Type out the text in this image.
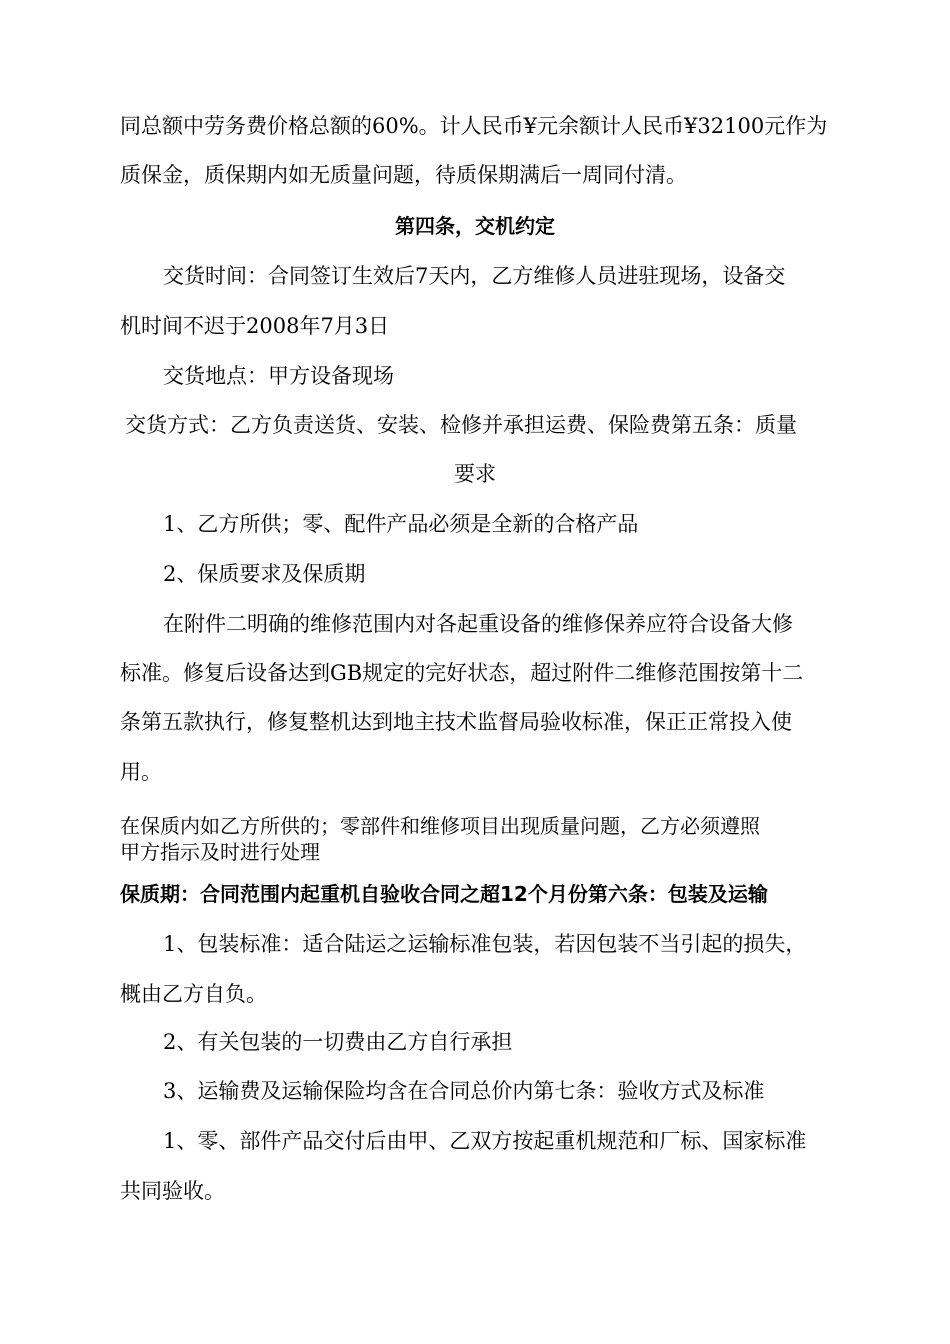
同总额中劳务费价格总额的60%。计人民币¥元余额计人民币¥32100元作为

质保金，质保期内如无质量问题，待质保期满后一周同付清。

第四条，交机约定

交货时间：合同签订生效后7天内，乙方维修人员进驻现场，设备交

机时间不迟于2008年7月3日

交货地点：甲方设备现场

交货方式：乙方负责送货、安装、检修并承担运费、保险费第五条：质量

要求

1、乙方所供；零、配件产品必须是全新的合格产品

2、保质要求及保质期

在附件二明确的维修范围内对各起重设备的维修保养应符合设备大修

标准。修复后设备达到GB规定的完好状态，超过附件二维修范围按第十二

条第五款执行，修复整机达到地主技术监督局验收标准，保正正常投入使

用。

在保质内如乙方所供的；零部件和维修项目出现质量问题，乙方必须遵照

甲方指示及时进行处理

保质期：合同范围内起重机自验收合同之超12个月份第六条：包装及运输

1、包装标准：适合陆运之运输标准包装，若因包装不当引起的损失，

概由乙方自负。

2、有关包装的一切费由乙方自行承担

3、运输费及运输保险均含在合同总价内第七条：验收方式及标准

1、零、部件产品交付后由甲、乙双方按起重机规范和厂标、国家标准

共同验收。
